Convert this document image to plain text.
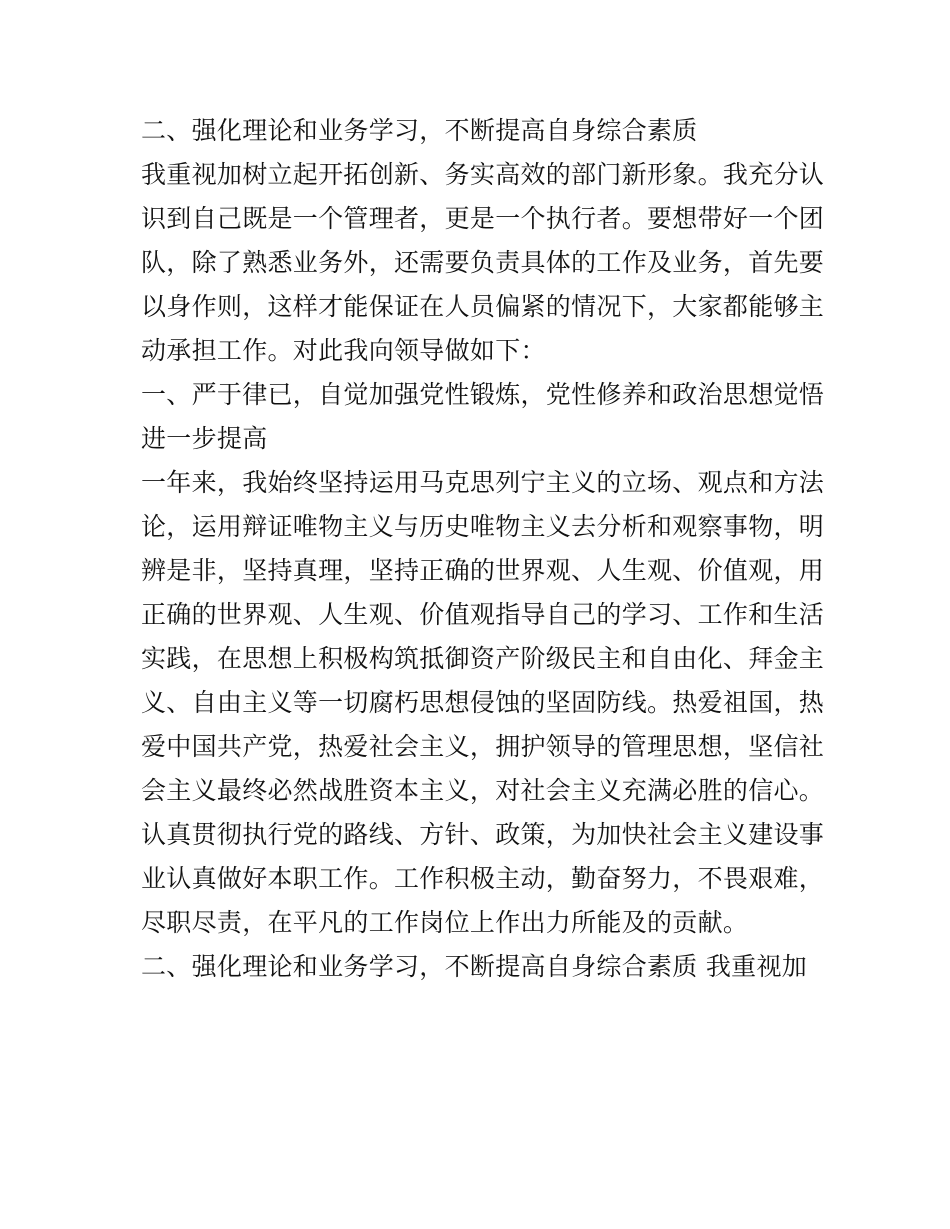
二、强化理论和业务学习，不断提高自身综合素质
我重视加树立起开拓创新、务实高效的部门新形象。我充分认
识到自己既是一个管理者，更是一个执行者。要想带好一个团
队，除了熟悉业务外，还需要负责具体的工作及业务，首先要
以身作则，这样才能保证在人员偏紧的情况下，大家都能够主
动承担工作。对此我向领导做如下：
一、严于律已，自觉加强党性锻炼，党性修养和政治思想觉悟
进一步提高
一年来，我始终坚持运用马克思列宁主义的立场、观点和方法
论，运用辩证唯物主义与历史唯物主义去分析和观察事物，明
辨是非，坚持真理，坚持正确的世界观、人生观、价值观，用
正确的世界观、人生观、价值观指导自己的学习、工作和生活
实践，在思想上积极构筑抵御资产阶级民主和自由化、拜金主
义、自由主义等一切腐朽思想侵蚀的坚固防线。热爱祖国，热
爱中国共产党，热爱社会主义，拥护领导的管理思想，坚信社
会主义最终必然战胜资本主义，对社会主义充满必胜的信心。
认真贯彻执行党的路线、方针、政策，为加快社会主义建设事
业认真做好本职工作。工作积极主动，勤奋努力，不畏艰难，
尽职尽责，在平凡的工作岗位上作出力所能及的贡献。
二、强化理论和业务学习，不断提高自身综合素质 我重视加
